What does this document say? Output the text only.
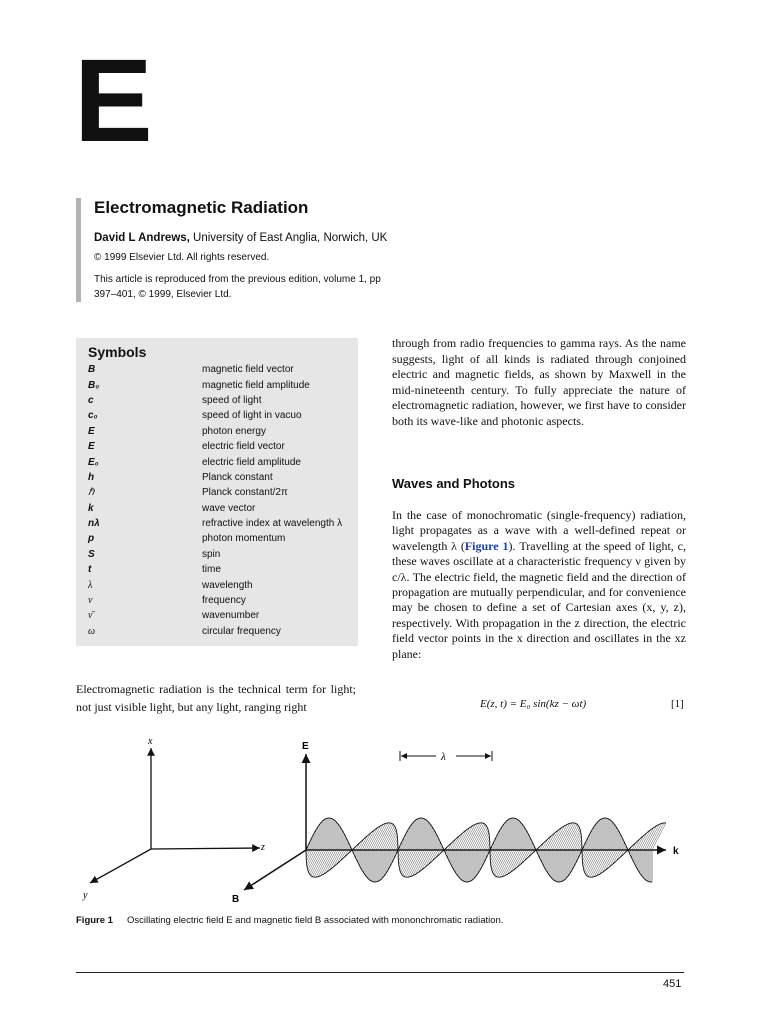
E
Electromagnetic Radiation
David L Andrews, University of East Anglia, Norwich, UK
© 1999 Elsevier Ltd. All rights reserved.
This article is reproduced from the previous edition, volume 1, pp 397–401, © 1999, Elsevier Ltd.
Symbols
B	magnetic field vector
B₀	magnetic field amplitude
c	speed of light
c₀	speed of light in vacuo
E	photon energy
E	electric field vector
E₀	electric field amplitude
h	Planck constant
ℏ	Planck constant/2π
k	wave vector
nλ	refractive index at wavelength λ
p	photon momentum
S	spin
t	time
λ	wavelength
ν	frequency
ν̄	wavenumber
ω	circular frequency

Electromagnetic radiation is the technical term for light; not just visible light, but any light, ranging right

through from radio frequencies to gamma rays. As the name suggests, light of all kinds is radiated through conjoined electric and magnetic fields, as shown by Maxwell in the mid-nineteenth century. To fully appreciate the nature of electromagnetic radiation, however, we first have to consider both its wave-like and photonic aspects.

Waves and Photons

In the case of monochromatic (single-frequency) radiation, light propagates as a wave with a well-defined repeat or wavelength λ (Figure 1). Travelling at the speed of light, c, these waves oscillate at a characteristic frequency ν given by c/λ. The electric field, the magnetic field and the direction of propagation are mutually perpendicular, and for convenience may be chosen to define a set of Cartesian axes (x, y, z), respectively. With propagation in the z direction, the electric field vector points in the x direction and oscillates in the xz plane:

E(z, t) = E₀ sin(kz − ωt)	[1]
x
z
y
E
k
B
λ
Figure 1 Oscillating electric field E and magnetic field B associated with mononchromatic radiation.
451
